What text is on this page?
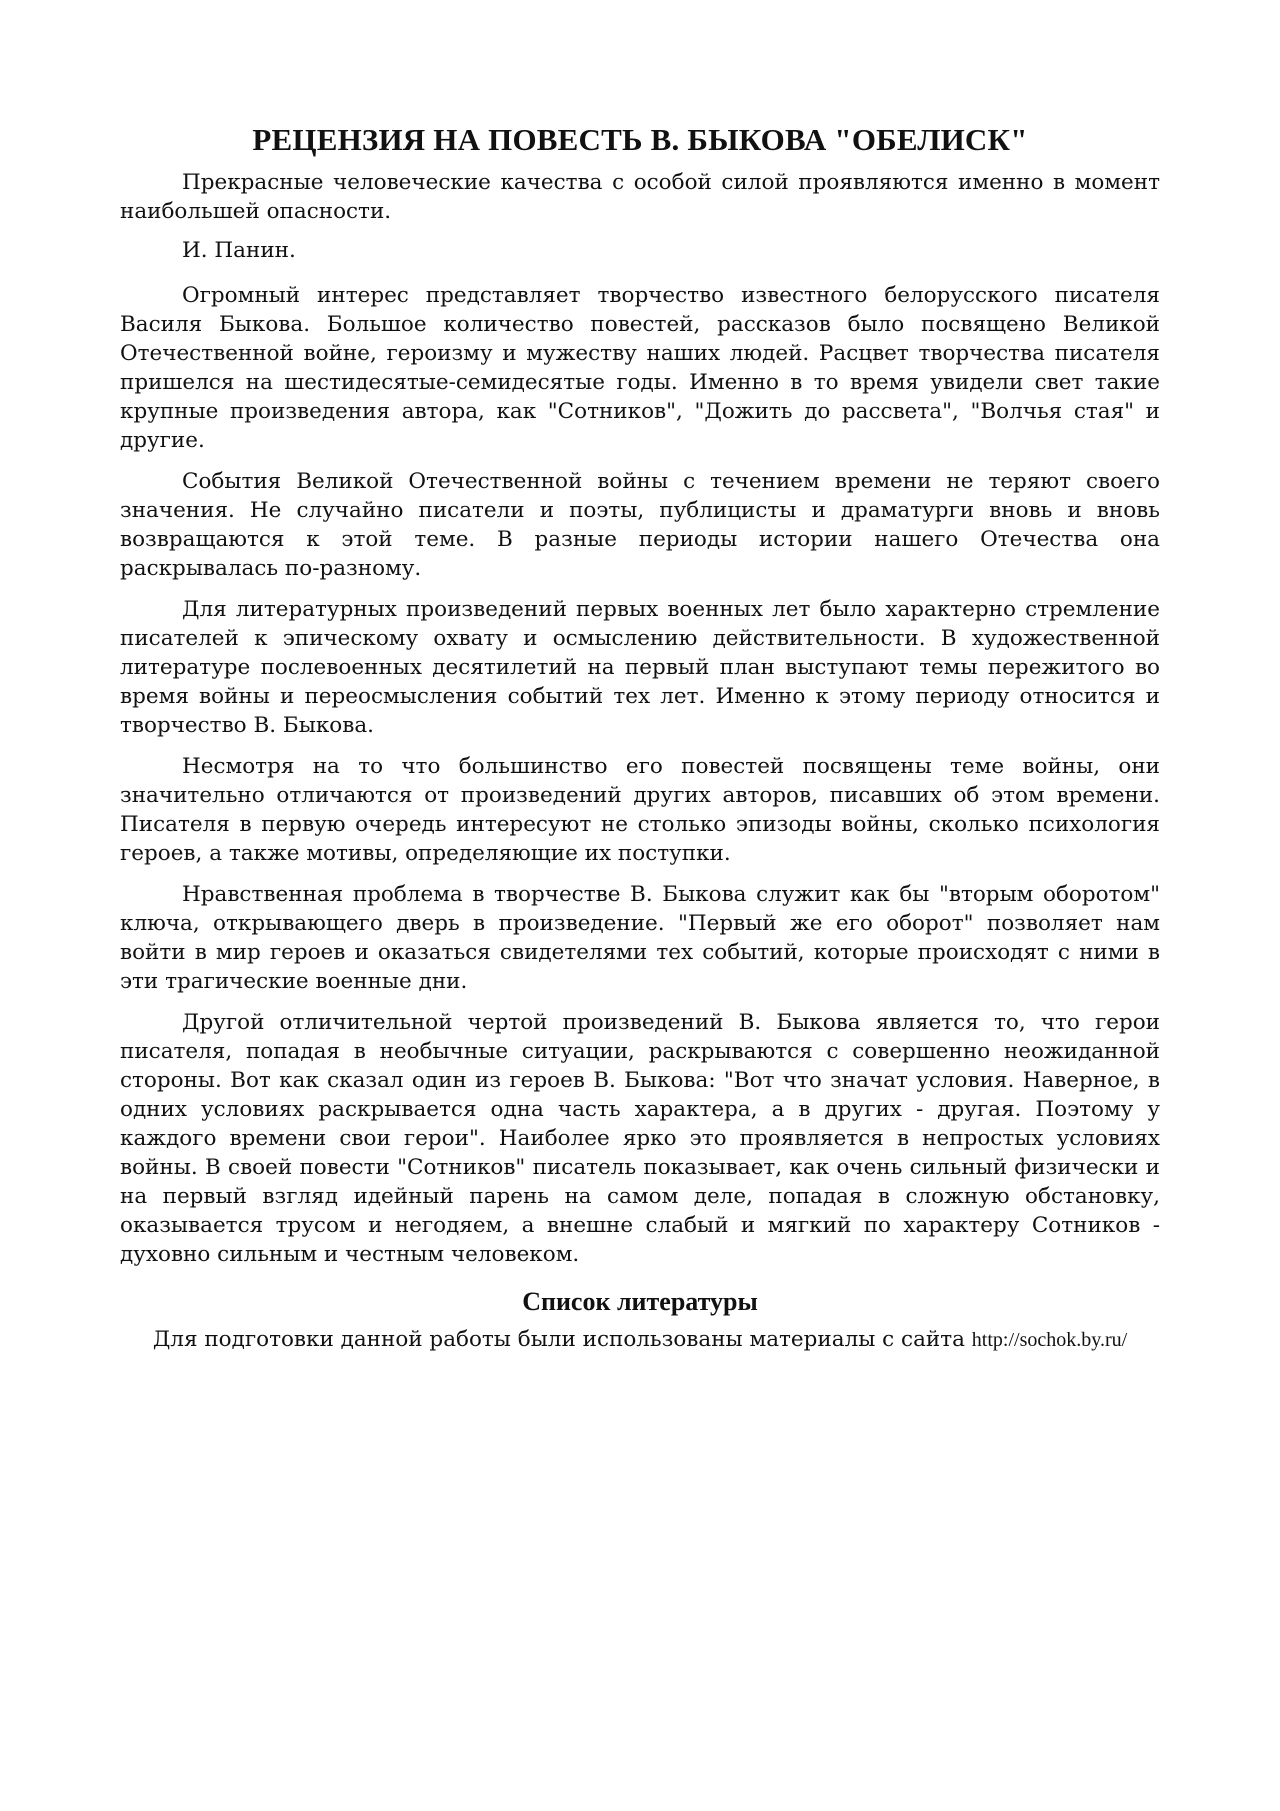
РЕЦЕНЗИЯ НА ПОВЕСТЬ В. БЫКОВА "ОБЕЛИСК"

Прекрасные человеческие качества с особой силой проявляются именно в момент наибольшей опасности.

И. Панин.

Огромный интерес представляет творчество известного белорусского писателя Василя Быкова. Большое количество повестей, рассказов было посвящено Великой Отечественной войне, героизму и мужеству наших людей. Расцвет творчества писателя пришелся на шестидесятые-семидесятые годы. Именно в то время увидели свет такие крупные произведения автора, как "Сотников", "Дожить до рассвета", "Волчья стая" и другие.

События Великой Отечественной войны с течением времени не теряют своего значения. Не случайно писатели и поэты, публицисты и драматурги вновь и вновь возвращаются к этой теме. В разные периоды истории нашего Отечества она раскрывалась по-разному.

Для литературных произведений первых военных лет было характерно стремление писателей к эпическому охвату и осмыслению действительности. В художественной литературе послевоенных десятилетий на первый план выступают темы пережитого во время войны и переосмысления событий тех лет. Именно к этому периоду относится и творчество В. Быкова.

Несмотря на то что большинство его повестей посвящены теме войны, они значительно отличаются от произведений других авторов, писавших об этом времени. Писателя в первую очередь интересуют не столько эпизоды войны, сколько психология героев, а также мотивы, определяющие их поступки.

Нравственная проблема в творчестве В. Быкова служит как бы "вторым оборотом" ключа, открывающего дверь в произведение. "Первый же его оборот" позволяет нам войти в мир героев и оказаться свидетелями тех событий, которые происходят с ними в эти трагические военные дни.

Другой отличительной чертой произведений В. Быкова является то, что герои писателя, попадая в необычные ситуации, раскрываются с совершенно неожиданной стороны. Вот как сказал один из героев В. Быкова: "Вот что значат условия. Наверное, в одних условиях раскрывается одна часть характера, а в других - другая. Поэтому у каждого времени свои герои". Наиболее ярко это проявляется в непростых условиях войны. В своей повести "Сотников" писатель показывает, как очень сильный физически и на первый взгляд идейный парень на самом деле, попадая в сложную обстановку, оказывается трусом и негодяем, а внешне слабый и мягкий по характеру Сотников - духовно сильным и честным человеком.

Список литературы

Для подготовки данной работы были использованы материалы с сайта http://sochok.by.ru/
